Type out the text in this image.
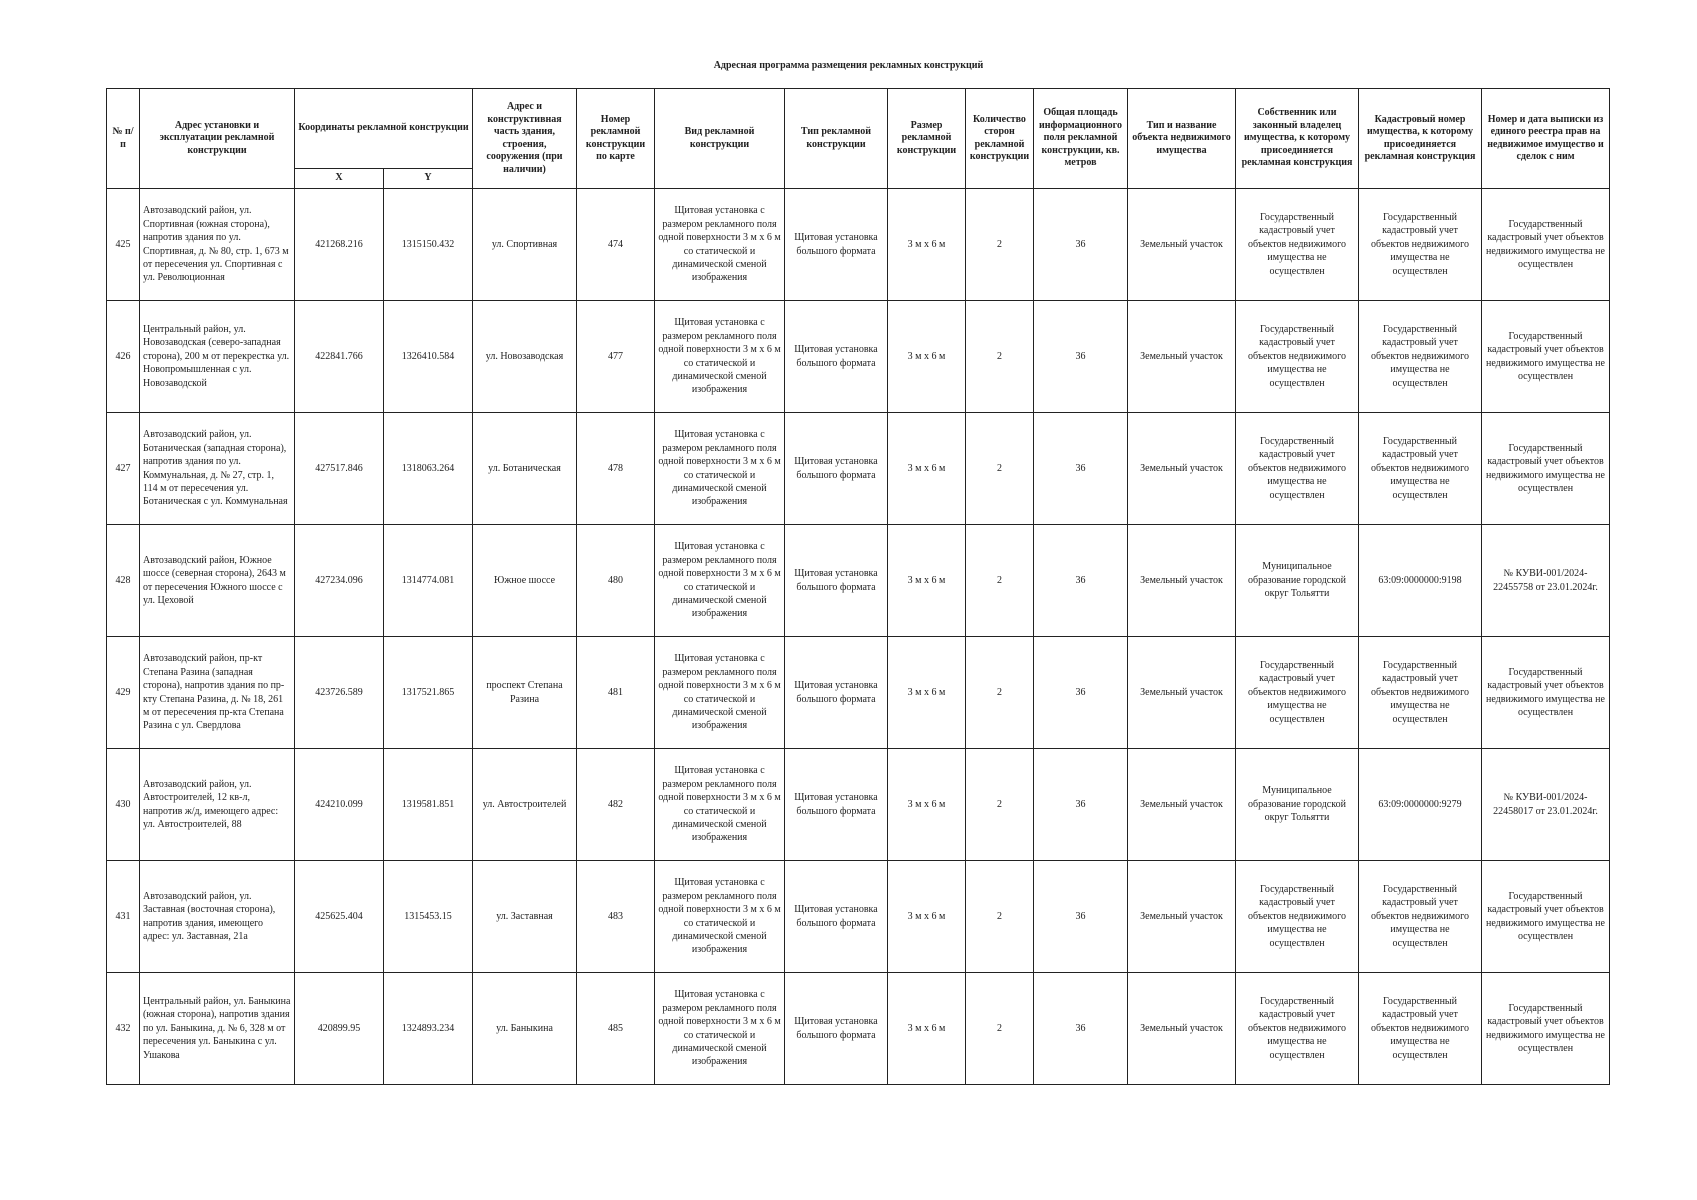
Адресная программа размещения рекламных конструкций
№ п/п	Адрес установки и эксплуатации рекламной конструкции	Координаты рекламной конструкции		Адрес и конструктивная часть здания, строения, сооружения (при наличии)	Номер рекламной конструкции по карте	Вид рекламной конструкции	Тип рекламной конструкции	Размер рекламной конструкции	Количество сторон рекламной конструкции	Общая площадь информационного поля рекламной конструкции, кв. метров	Тип и название объекта недвижимого имущества	Собственник или законный владелец имущества, к которому присоединяется рекламная конструкция	Кадастровый номер имущества, к которому присоединяется рекламная конструкция	Номер и дата выписки из единого реестра прав на недвижимое имущество и сделок с ним
		X	Y											
425	Автозаводский район, ул. Спортивная (южная сторона), напротив здания по ул. Спортивная, д. № 80, стр. 1, 673 м от пересечения ул. Спортивная с ул. Революционная	421268.216	1315150.432	ул. Спортивная	474	Щитовая установка с размером рекламного поля одной поверхности 3 м х 6 м со статической и динамической сменой изображения	Щитовая установка большого формата	3 м х 6 м	2	36	Земельный участок	Государственный кадастровый учет объектов недвижимого имущества не осуществлен	Государственный кадастровый учет объектов недвижимого имущества не осуществлен	Государственный кадастровый учет объектов недвижимого имущества не осуществлен
426	Центральный район, ул. Новозаводская (северо-западная сторона), 200 м от перекрестка ул. Новопромышленная с ул. Новозаводской	422841.766	1326410.584	ул. Новозаводская	477	Щитовая установка с размером рекламного поля одной поверхности 3 м х 6 м со статической и динамической сменой изображения	Щитовая установка большого формата	3 м х 6 м	2	36	Земельный участок	Государственный кадастровый учет объектов недвижимого имущества не осуществлен	Государственный кадастровый учет объектов недвижимого имущества не осуществлен	Государственный кадастровый учет объектов недвижимого имущества не осуществлен
427	Автозаводский район, ул. Ботаническая (западная сторона), напротив здания по ул. Коммунальная, д. № 27, стр. 1, 114 м от пересечения ул. Ботаническая с ул. Коммунальная	427517.846	1318063.264	ул. Ботаническая	478	Щитовая установка с размером рекламного поля одной поверхности 3 м х 6 м со статической и динамической сменой изображения	Щитовая установка большого формата	3 м х 6 м	2	36	Земельный участок	Государственный кадастровый учет объектов недвижимого имущества не осуществлен	Государственный кадастровый учет объектов недвижимого имущества не осуществлен	Государственный кадастровый учет объектов недвижимого имущества не осуществлен
428	Автозаводский район, Южное шоссе (северная сторона), 2643 м от пересечения Южного шоссе с ул. Цеховой	427234.096	1314774.081	Южное шоссе	480	Щитовая установка с размером рекламного поля одной поверхности 3 м х 6 м со статической и динамической сменой изображения	Щитовая установка большого формата	3 м х 6 м	2	36	Земельный участок	Муниципальное образование городской округ Тольятти	63:09:0000000:9198	№ КУВИ-001/2024-22455758 от 23.01.2024г.
429	Автозаводский район, пр-кт Степана Разина (западная сторона), напротив здания по пр-кту Степана Разина, д. № 18, 261 м от пересечения пр-кта Степана Разина с ул. Свердлова	423726.589	1317521.865	проспект Степана Разина	481	Щитовая установка с размером рекламного поля одной поверхности 3 м х 6 м со статической и динамической сменой изображения	Щитовая установка большого формата	3 м х 6 м	2	36	Земельный участок	Государственный кадастровый учет объектов недвижимого имущества не осуществлен	Государственный кадастровый учет объектов недвижимого имущества не осуществлен	Государственный кадастровый учет объектов недвижимого имущества не осуществлен
430	Автозаводский район, ул. Автостроителей, 12 кв-л, напротив ж/д, имеющего адрес: ул. Автостроителей, 88	424210.099	1319581.851	ул. Автостроителей	482	Щитовая установка с размером рекламного поля одной поверхности 3 м х 6 м со статической и динамической сменой изображения	Щитовая установка большого формата	3 м х 6 м	2	36	Земельный участок	Муниципальное образование городской округ Тольятти	63:09:0000000:9279	№ КУВИ-001/2024-22458017 от 23.01.2024г.
431	Автозаводский район, ул. Заставная (восточная сторона), напротив здания, имеющего адрес: ул. Заставная, 21а	425625.404	1315453.15	ул. Заставная	483	Щитовая установка с размером рекламного поля одной поверхности 3 м х 6 м со статической и динамической сменой изображения	Щитовая установка большого формата	3 м х 6 м	2	36	Земельный участок	Государственный кадастровый учет объектов недвижимого имущества не осуществлен	Государственный кадастровый учет объектов недвижимого имущества не осуществлен	Государственный кадастровый учет объектов недвижимого имущества не осуществлен
432	Центральный район, ул. Баныкина (южная сторона), напротив здания по ул. Баныкина, д. № 6, 328 м от пересечения ул. Баныкина с ул. Ушакова	420899.95	1324893.234	ул. Баныкина	485	Щитовая установка с размером рекламного поля одной поверхности 3 м х 6 м со статической и динамической сменой изображения	Щитовая установка большого формата	3 м х 6 м	2	36	Земельный участок	Государственный кадастровый учет объектов недвижимого имущества не осуществлен	Государственный кадастровый учет объектов недвижимого имущества не осуществлен	Государственный кадастровый учет объектов недвижимого имущества не осуществлен
